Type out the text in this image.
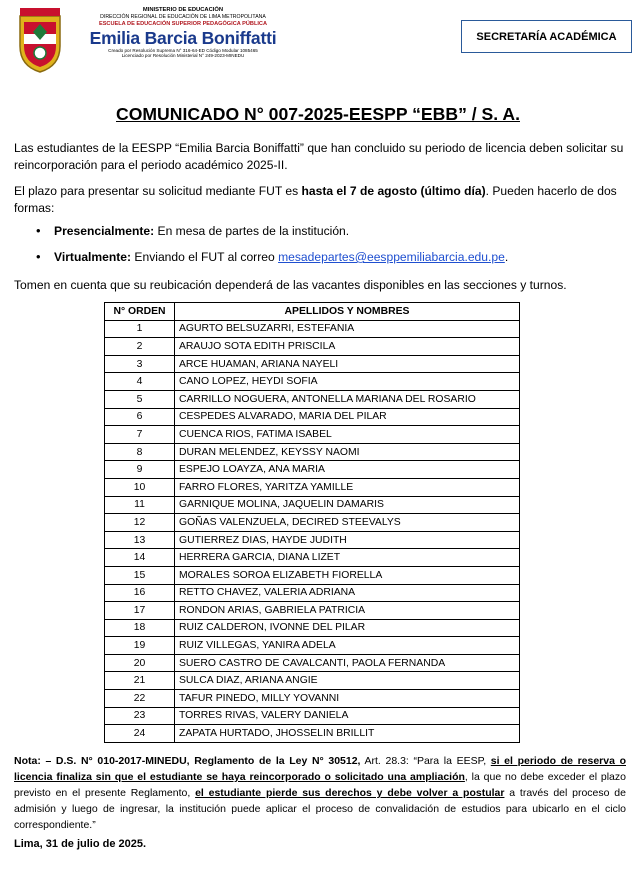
MINISTERIO DE EDUCACIÓN
DIRECCIÓN REGIONAL DE EDUCACIÓN DE LIMA METROPOLITANA
ESCUELA DE EDUCACIÓN SUPERIOR PEDAGÓGICA PÚBLICA
Emilia Barcia Boniffatti
Creado por Resolución Suprema N° 316-64-ED Código Modular 1085465
Licenciado por Resolución Ministerial N° 249-2023-MINEDU
SECRETARÍA ACADÉMICA
COMUNICADO N° 007-2025-EESPP “EBB” / S. A.
Las estudiantes de la EESPP “Emilia Barcia Boniffatti” que han concluido su periodo de licencia deben solicitar su reincorporación para el periodo académico 2025-II.
El plazo para presentar su solicitud mediante FUT es hasta el 7 de agosto (último día). Pueden hacerlo de dos formas:
• Presencialmente: En mesa de partes de la institución.
• Virtualmente: Enviando el FUT al correo mesadepartes@eesppemiliabarcia.edu.pe.
Tomen en cuenta que su reubicación dependerá de las vacantes disponibles en las secciones y turnos.
N° ORDEN	APELLIDOS Y NOMBRES
1	AGURTO BELSUZARRI, ESTEFANIA
2	ARAUJO SOTA EDITH PRISCILA
3	ARCE HUAMAN, ARIANA NAYELI
4	CANO LOPEZ, HEYDI SOFIA
5	CARRILLO NOGUERA, ANTONELLA MARIANA DEL ROSARIO
6	CESPEDES ALVARADO, MARIA DEL PILAR
7	CUENCA RIOS, FATIMA ISABEL
8	DURAN MELENDEZ, KEYSSY NAOMI
9	ESPEJO LOAYZA, ANA MARIA
10	FARRO FLORES, YARITZA YAMILLE
11	GARNIQUE MOLINA, JAQUELIN DAMARIS
12	GOÑAS VALENZUELA, DECIRED STEEVALYS
13	GUTIERREZ DIAS, HAYDE JUDITH
14	HERRERA GARCIA, DIANA LIZET
15	MORALES SOROA ELIZABETH FIORELLA
16	RETTO CHAVEZ, VALERIA ADRIANA
17	RONDON ARIAS, GABRIELA PATRICIA
18	RUIZ CALDERON, IVONNE DEL PILAR
19	RUIZ VILLEGAS, YANIRA ADELA
20	SUERO CASTRO DE CAVALCANTI, PAOLA FERNANDA
21	SULCA DIAZ, ARIANA ANGIE
22	TAFUR PINEDO, MILLY YOVANNI
23	TORRES RIVAS, VALERY DANIELA
24	ZAPATA HURTADO, JHOSSELIN BRILLIT
Nota: – D.S. N° 010-2017-MINEDU, Reglamento de la Ley N° 30512, Art. 28.3: “Para la EESP, si el periodo de reserva o licencia finaliza sin que el estudiante se haya reincorporado o solicitado una ampliación, la que no debe exceder el plazo previsto en el presente Reglamento, el estudiante pierde sus derechos y debe volver a postular a través del proceso de admisión y luego de ingresar, la institución puede aplicar el proceso de convalidación de estudios para ubicarlo en el ciclo correspondiente.”
Lima, 31 de julio de 2025.
